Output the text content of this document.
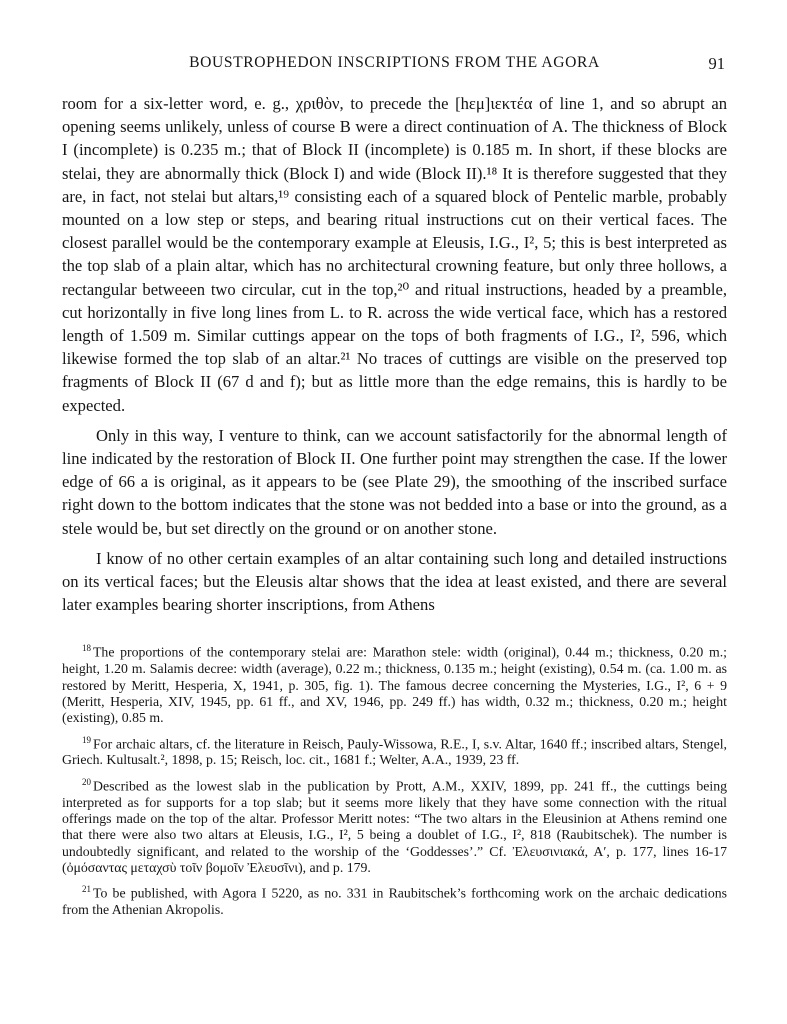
BOUSTROPHEDON INSCRIPTIONS FROM THE AGORA	91

room for a six-letter word, e. g., χριθὸν, to precede the [hεμ]ιεκτέα of line 1, and so abrupt an opening seems unlikely, unless of course B were a direct continuation of A. The thickness of Block I (incomplete) is 0.235 m.; that of Block II (incomplete) is 0.185 m. In short, if these blocks are stelai, they are abnormally thick (Block I) and wide (Block II).¹⁸ It is therefore suggested that they are, in fact, not stelai but altars,¹⁹ consisting each of a squared block of Pentelic marble, probably mounted on a low step or steps, and bearing ritual instructions cut on their vertical faces. The closest parallel would be the contemporary example at Eleusis, I.G., I², 5; this is best interpreted as the top slab of a plain altar, which has no architectural crowning feature, but only three hollows, a rectangular betweeen two circular, cut in the top,²⁰ and ritual instructions, headed by a preamble, cut horizontally in five long lines from L. to R. across the wide vertical face, which has a restored length of 1.509 m. Similar cuttings appear on the tops of both fragments of I.G., I², 596, which likewise formed the top slab of an altar.²¹ No traces of cuttings are visible on the preserved top fragments of Block II (67 d and f); but as little more than the edge remains, this is hardly to be expected.

Only in this way, I venture to think, can we account satisfactorily for the abnormal length of line indicated by the restoration of Block II. One further point may strengthen the case. If the lower edge of 66 a is original, as it appears to be (see Plate 29), the smoothing of the inscribed surface right down to the bottom indicates that the stone was not bedded into a base or into the ground, as a stele would be, but set directly on the ground or on another stone.

I know of no other certain examples of an altar containing such long and detailed instructions on its vertical faces; but the Eleusis altar shows that the idea at least existed, and there are several later examples bearing shorter inscriptions, from Athens

$^{18}$ The proportions of the contemporary stelai are: Marathon stele: width (original), 0.44 m.; thickness, 0.20 m.; height, 1.20 m. Salamis decree: width (average), 0.22 m.; thickness, 0.135 m.; height (existing), 0.54 m. (ca. 1.00 m. as restored by Meritt, Hesperia, X, 1941, p. 305, fig. 1). The famous decree concerning the Mysteries, I.G., I², 6 + 9 (Meritt, Hesperia, XIV, 1945, pp. 61 ff., and XV, 1946, pp. 249 ff.) has width, 0.32 m.; thickness, 0.20 m.; height (existing), 0.85 m.

$^{19}$ For archaic altars, cf. the literature in Reisch, Pauly-Wissowa, R.E., I, s.v. Altar, 1640 ff.; inscribed altars, Stengel, Griech. Kultusalt.², 1898, p. 15; Reisch, loc. cit., 1681 f.; Welter, A.A., 1939, 23 ff.

$^{20}$ Described as the lowest slab in the publication by Prott, A.M., XXIV, 1899, pp. 241 ff., the cuttings being interpreted as for supports for a top slab; but it seems more likely that they have some connection with the ritual offerings made on the top of the altar. Professor Meritt notes: “The two altars in the Eleusinion at Athens remind one that there were also two altars at Eleusis, I.G., I², 5 being a doublet of I.G., I², 818 (Raubitschek). The number is undoubtedly significant, and related to the worship of the ‘Goddesses’.” Cf. Ἐλευσινιακά, Α′, p. 177, lines 16-17 (ὀμόσαντας μεταχσὺ τοῖν βομοῖν Ἐλευσῖνι), and p. 179.

$^{21}$ To be published, with Agora I 5220, as no. 331 in Raubitschek’s forthcoming work on the archaic dedications from the Athenian Akropolis.
